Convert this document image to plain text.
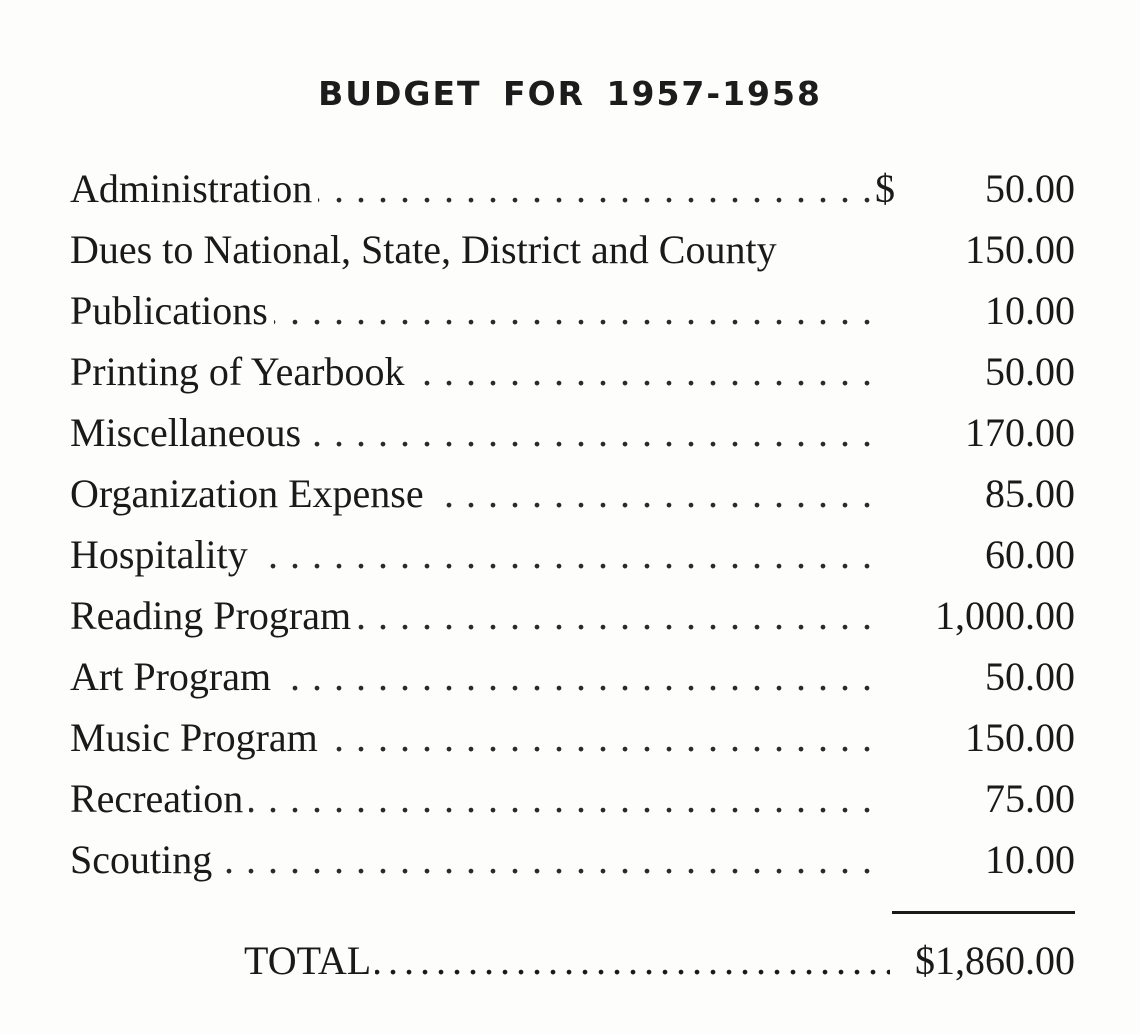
BUDGET FOR 1957-1958
. . .
Administration	$ 50.00
Dues to National, State, District and County	150.00
. . .
Publications	10.00
. . .
Printing of Yearbook	50.00
. . .
Miscellaneous	170.00
. . .
Organization Expense	85.00
. . .
Hospitality	60.00
. . .
Reading Program	1,000.00
. . .
Art Program	50.00
. . .
Music Program	150.00
. . .
Recreation	75.00
. . .
Scouting	10.00
.....
TOTAL	$1,860.00
